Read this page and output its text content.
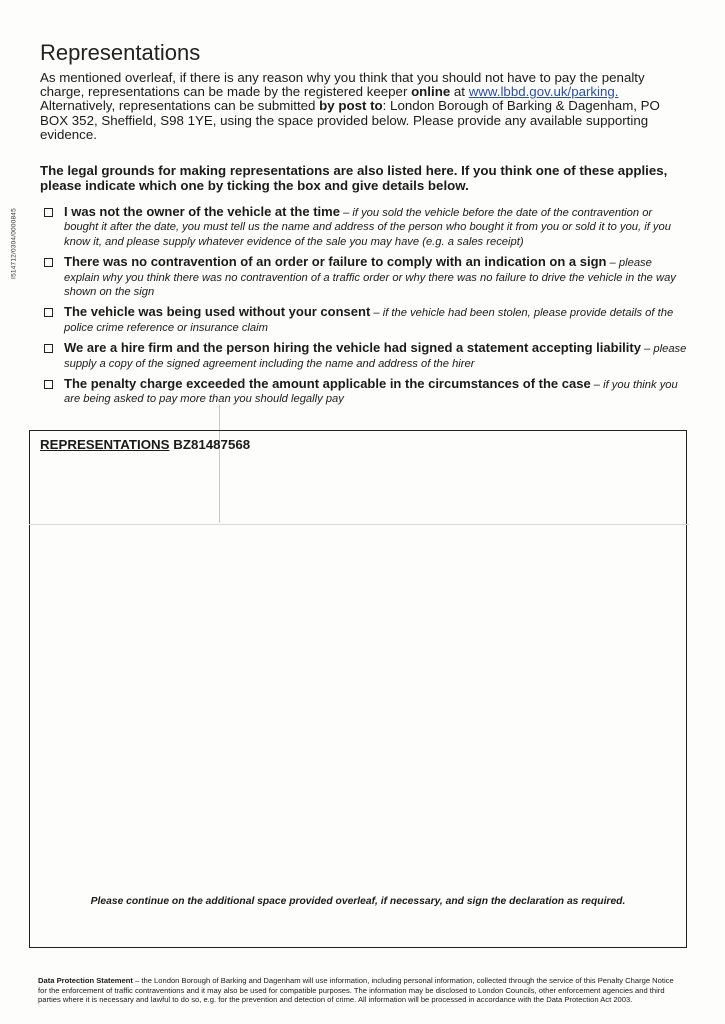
I514712/0304/0000845
Representations
As mentioned overleaf, if there is any reason why you think that you should not have to pay the penalty charge, representations can be made by the registered keeper online at www.lbbd.gov.uk/parking. Alternatively, representations can be submitted by post to: London Borough of Barking & Dagenham, PO BOX 352, Sheffield, S98 1YE, using the space provided below. Please provide any available supporting evidence.
The legal grounds for making representations are also listed here. If you think one of these applies, please indicate which one by ticking the box and give details below.
I was not the owner of the vehicle at the time – if you sold the vehicle before the date of the contravention or bought it after the date, you must tell us the name and address of the person who bought it from you or sold it to you, if you know it, and please supply whatever evidence of the sale you may have (e.g. a sales receipt)
There was no contravention of an order or failure to comply with an indication on a sign – please explain why you think there was no contravention of a traffic order or why there was no failure to drive the vehicle in the way shown on the sign
The vehicle was being used without your consent – if the vehicle had been stolen, please provide details of the police crime reference or insurance claim
We are a hire firm and the person hiring the vehicle had signed a statement accepting liability – please supply a copy of the signed agreement including the name and address of the hirer
The penalty charge exceeded the amount applicable in the circumstances of the case – if you think you are being asked to pay more than you should legally pay
REPRESENTATIONS BZ81487568
Please continue on the additional space provided overleaf, if necessary, and sign the declaration as required.
Data Protection Statement – the London Borough of Barking and Dagenham will use information, including personal information, collected through the service of this Penalty Charge Notice for the enforcement of traffic contraventions and it may also be used for compatible purposes. The information may be disclosed to London Councils, other enforcement agencies and third parties where it is necessary and lawful to do so, e.g. for the prevention and detection of crime. All information will be processed in accordance with the Data Protection Act 2003.
